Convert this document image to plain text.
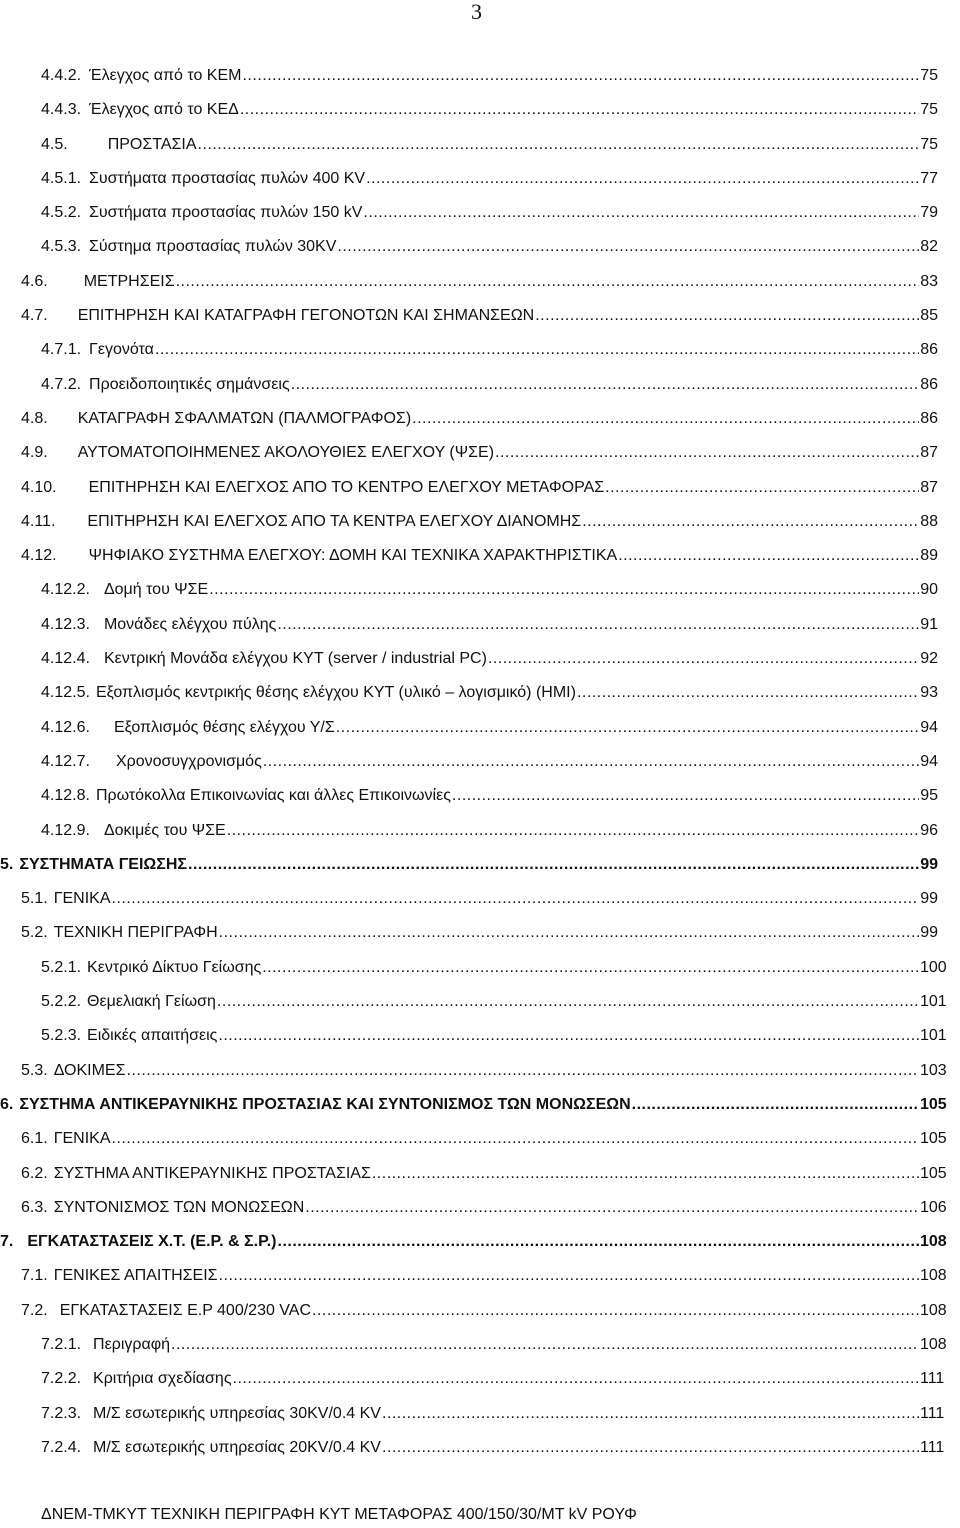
3
4.4.2. Έλεγχος από το ΚΕΜ .....	75
4.4.3. Έλεγχος από το ΚΕΔ .....	75
4.5.	ΠΡΟΣΤΑΣΙΑ .....	75
4.5.1. Συστήματα προστασίας πυλών 400 KV .....	77
4.5.2. Συστήματα προστασίας πυλών 150 kV .....	79
4.5.3. Σύστημα προστασίας πυλών 30KV .....	82
4.6. ΜΕΤΡΗΣΕΙΣ .....	83
4.7. ΕΠΙΤΗΡΗΣΗ ΚΑΙ ΚΑΤΑΓΡΑΦΗ ΓΕΓΟΝΟΤΩΝ ΚΑΙ ΣΗΜΑΝΣΕΩΝ .....	85
4.7.1. Γεγονότα .....	86
4.7.2. Προειδοποιητικές σημάνσεις .....	86
4.8. ΚΑΤΑΓΡΑΦΗ ΣΦΑΛΜΑΤΩΝ (ΠΑΛΜΟΓΡΑΦΟΣ) .....	86
4.9. ΑΥΤΟΜΑΤΟΠΟΙΗΜΕΝΕΣ ΑΚΟΛΟΥΘΙΕΣ ΕΛΕΓΧΟΥ (ΨΣΕ) .....	87
4.10. ΕΠΙΤΗΡΗΣΗ ΚΑΙ ΕΛΕΓΧΟΣ ΑΠΟ ΤΟ ΚΕΝΤΡΟ ΕΛΕΓΧΟΥ ΜΕΤΑΦΟΡΑΣ .....	87
4.11. ΕΠΙΤΗΡΗΣΗ ΚΑΙ ΕΛΕΓΧΟΣ ΑΠΟ ΤΑ ΚΕΝΤΡΑ ΕΛΕΓΧΟΥ ΔΙΑΝΟΜΗΣ .....	88
4.12. ΨΗΦΙΑΚΟ ΣΥΣΤΗΜΑ ΕΛΕΓΧΟΥ: ΔΟΜΗ ΚΑΙ ΤΕΧΝΙΚΑ ΧΑΡΑΚΤΗΡΙΣΤΙΚΑ .....	89
4.12.2. Δομή του ΨΣΕ .....	90
4.12.3. Μονάδες ελέγχου πύλης .....	91
4.12.4. Κεντρική Μονάδα ελέγχου ΚΥΤ (server / industrial PC) .....	92
4.12.5. Εξοπλισμός κεντρικής θέσης ελέγχου ΚΥΤ (υλικό – λογισμικό) (HMI) .....	93
4.12.6. Εξοπλισμός θέσης ελέγχου Υ/Σ .....	94
4.12.7. Χρονοσυγχρονισμός .....	94
4.12.8. Πρωτόκολλα Επικοινωνίας και άλλες Επικοινωνίες .....	95
4.12.9. Δοκιμές του ΨΣΕ .....	96
5. ΣΥΣΤΗΜΑΤΑ ΓΕΙΩΣΗΣ .....	99
5.1. ΓΕΝΙΚΑ .....	99
5.2. ΤΕΧΝΙΚΗ ΠΕΡΙΓΡΑΦΗ .....	99
5.2.1. Κεντρικό Δίκτυο Γείωσης .....	100
5.2.2. Θεμελιακή Γείωση .....	101
5.2.3. Ειδικές απαιτήσεις .....	101
5.3. ΔΟΚΙΜΕΣ .....	103
6. ΣΥΣΤΗΜΑ ΑΝΤΙΚΕΡΑΥΝΙΚΗΣ ΠΡΟΣΤΑΣΙΑΣ ΚΑΙ ΣΥΝΤΟΝΙΣΜΟΣ ΤΩΝ ΜΟΝΩΣΕΩΝ .....	105
6.1. ΓΕΝΙΚΑ .....	105
6.2. ΣΥΣΤΗΜΑ ΑΝΤΙΚΕΡΑΥΝΙΚΗΣ ΠΡΟΣΤΑΣΙΑΣ .....	105
6.3. ΣΥΝΤΟΝΙΣΜΟΣ ΤΩΝ ΜΟΝΩΣΕΩΝ .....	106
7. ΕΓΚΑΤΑΣΤΑΣΕΙΣ Χ.Τ. (Ε.Ρ. & Σ.Ρ.) .....	108
7.1. ΓΕΝΙΚΕΣ ΑΠΑΙΤΗΣΕΙΣ .....	108
7.2. ΕΓΚΑΤΑΣΤΑΣΕΙΣ Ε.Ρ 400/230 VAC .....	108
7.2.1. Περιγραφή .....	108
7.2.2. Κριτήρια σχεδίασης .....	111
7.2.3. Μ/Σ εσωτερικής υπηρεσίας 30KV/0.4 KV .....	111
7.2.4. Μ/Σ εσωτερικής υπηρεσίας 20KV/0.4 KV .....	111
ΔΝΕΜ-ΤΜΚΥΤ ΤΕΧΝΙΚΗ ΠΕΡΙΓΡΑΦΗ ΚΥΤ ΜΕΤΑΦΟΡΑΣ 400/150/30/ΜΤ kV ΡΟΥΦ
